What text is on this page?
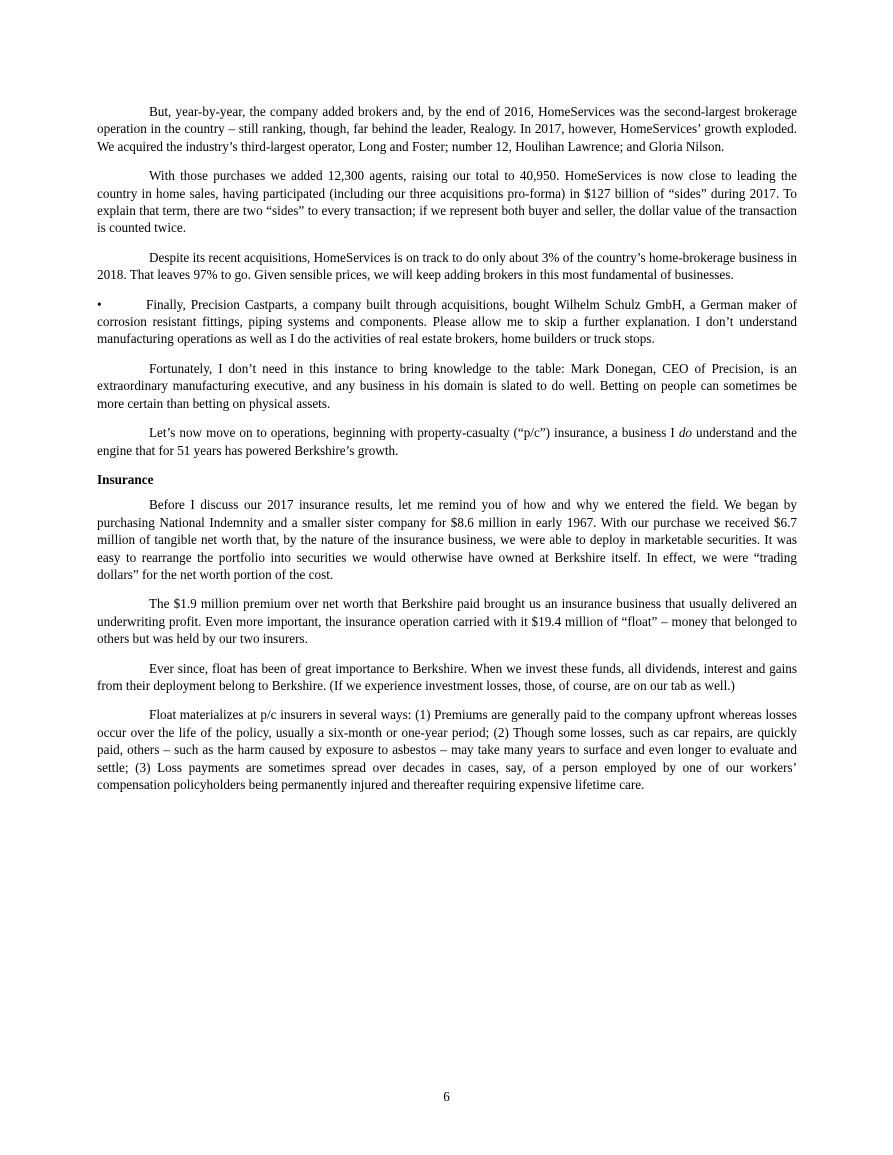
But, year-by-year, the company added brokers and, by the end of 2016, HomeServices was the second-largest brokerage operation in the country – still ranking, though, far behind the leader, Realogy. In 2017, however, HomeServices’ growth exploded. We acquired the industry’s third-largest operator, Long and Foster; number 12, Houlihan Lawrence; and Gloria Nilson.

With those purchases we added 12,300 agents, raising our total to 40,950. HomeServices is now close to leading the country in home sales, having participated (including our three acquisitions pro-forma) in $127 billion of “sides” during 2017. To explain that term, there are two “sides” to every transaction; if we represent both buyer and seller, the dollar value of the transaction is counted twice.

Despite its recent acquisitions, HomeServices is on track to do only about 3% of the country’s home-brokerage business in 2018. That leaves 97% to go. Given sensible prices, we will keep adding brokers in this most fundamental of businesses.

•	Finally, Precision Castparts, a company built through acquisitions, bought Wilhelm Schulz GmbH, a German maker of corrosion resistant fittings, piping systems and components. Please allow me to skip a further explanation. I don’t understand manufacturing operations as well as I do the activities of real estate brokers, home builders or truck stops.

Fortunately, I don’t need in this instance to bring knowledge to the table: Mark Donegan, CEO of Precision, is an extraordinary manufacturing executive, and any business in his domain is slated to do well. Betting on people can sometimes be more certain than betting on physical assets.

Let’s now move on to operations, beginning with property-casualty (“p/c”) insurance, a business I do understand and the engine that for 51 years has powered Berkshire’s growth.

Insurance

Before I discuss our 2017 insurance results, let me remind you of how and why we entered the field. We began by purchasing National Indemnity and a smaller sister company for $8.6 million in early 1967. With our purchase we received $6.7 million of tangible net worth that, by the nature of the insurance business, we were able to deploy in marketable securities. It was easy to rearrange the portfolio into securities we would otherwise have owned at Berkshire itself. In effect, we were “trading dollars” for the net worth portion of the cost.

The $1.9 million premium over net worth that Berkshire paid brought us an insurance business that usually delivered an underwriting profit. Even more important, the insurance operation carried with it $19.4 million of “float” – money that belonged to others but was held by our two insurers.

Ever since, float has been of great importance to Berkshire. When we invest these funds, all dividends, interest and gains from their deployment belong to Berkshire. (If we experience investment losses, those, of course, are on our tab as well.)

Float materializes at p/c insurers in several ways: (1) Premiums are generally paid to the company upfront whereas losses occur over the life of the policy, usually a six-month or one-year period; (2) Though some losses, such as car repairs, are quickly paid, others – such as the harm caused by exposure to asbestos – may take many years to surface and even longer to evaluate and settle; (3) Loss payments are sometimes spread over decades in cases, say, of a person employed by one of our workers’ compensation policyholders being permanently injured and thereafter requiring expensive lifetime care.

6
